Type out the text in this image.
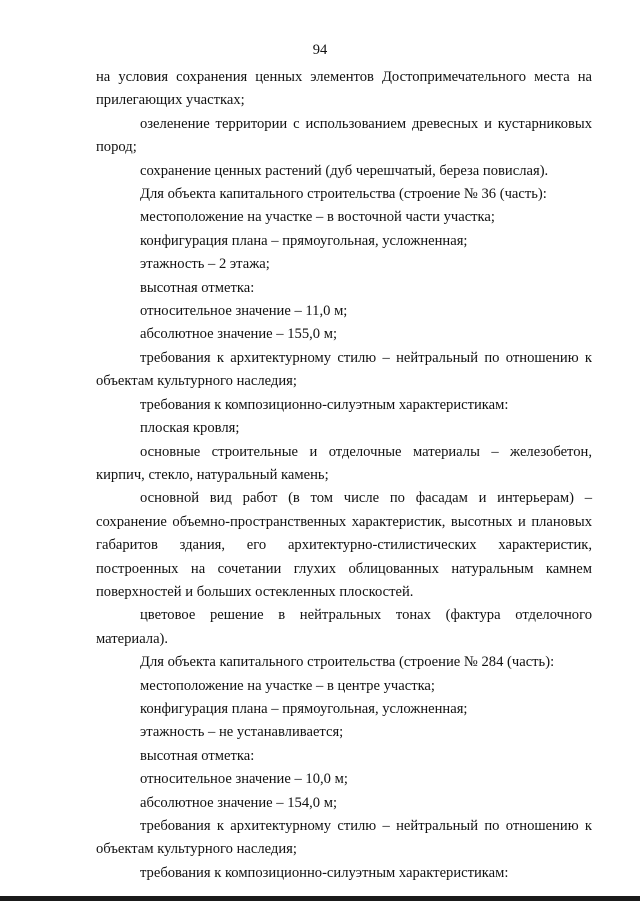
94

на условия сохранения ценных элементов Достопримечательного места на прилегающих участках;

озеленение территории с использованием древесных и кустарниковых пород;

сохранение ценных растений (дуб черешчатый, береза повислая).

Для объекта капитального строительства (строение № 36 (часть):

местоположение на участке – в восточной части участка;

конфигурация плана – прямоугольная, усложненная;

этажность – 2 этажа;

высотная отметка:

относительное значение – 11,0 м;

абсолютное значение – 155,0 м;

требования к архитектурному стилю – нейтральный по отношению к объектам культурного наследия;

требования к композиционно-силуэтным характеристикам:

плоская кровля;

основные строительные и отделочные материалы – железобетон, кирпич, стекло, натуральный камень;

основной вид работ (в том числе по фасадам и интерьерам) – сохранение объемно-пространственных характеристик, высотных и плановых габаритов здания, его архитектурно-стилистических характеристик, построенных на сочетании глухих облицованных натуральным камнем поверхностей и больших остекленных плоскостей.

цветовое решение в нейтральных тонах (фактура отделочного материала).

Для объекта капитального строительства (строение № 284 (часть):

местоположение на участке – в центре участка;

конфигурация плана – прямоугольная, усложненная;

этажность – не устанавливается;

высотная отметка:

относительное значение – 10,0 м;

абсолютное значение – 154,0 м;

требования к архитектурному стилю – нейтральный по отношению к объектам культурного наследия;

требования к композиционно-силуэтным характеристикам:
